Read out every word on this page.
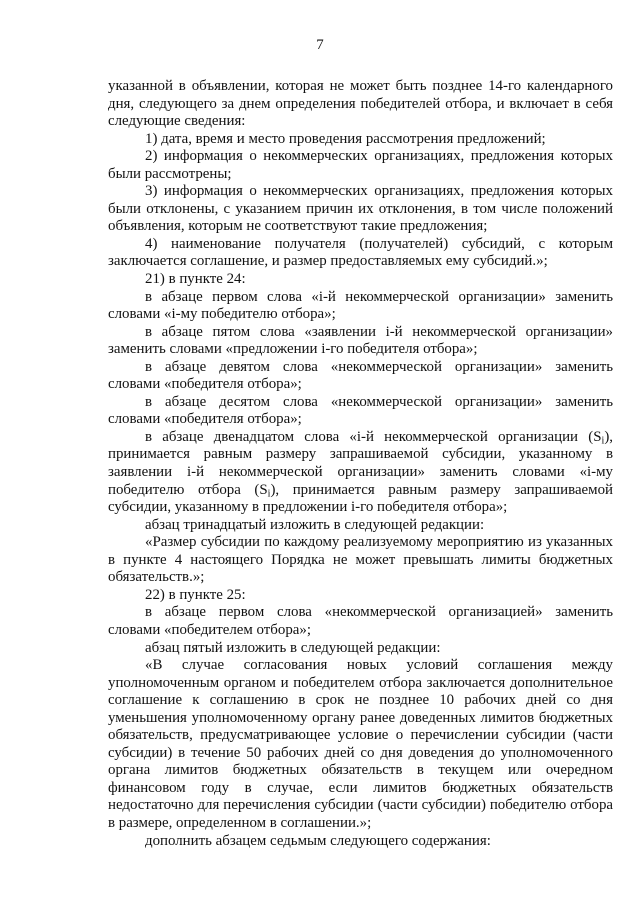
7

указанной в объявлении, которая не может быть позднее 14-го календарного дня, следующего за днем определения победителей отбора, и включает в себя следующие сведения:

1) дата, время и место проведения рассмотрения предложений;

2) информация о некоммерческих организациях, предложения которых были рассмотрены;

3) информация о некоммерческих организациях, предложения которых были отклонены, с указанием причин их отклонения, в том числе положений объявления, которым не соответствуют такие предложения;

4) наименование получателя (получателей) субсидий, с которым заключается соглашение, и размер предоставляемых ему субсидий.»;

21) в пункте 24:

в абзаце первом слова «i-й некоммерческой организации» заменить словами «i-му победителю отбора»;

в абзаце пятом слова «заявлении i-й некоммерческой организации» заменить словами «предложении i-го победителя отбора»;

в абзаце девятом слова «некоммерческой организации» заменить словами «победителя отбора»;

в абзаце десятом слова «некоммерческой организации» заменить словами «победителя отбора»;

в абзаце двенадцатом слова «i-й некоммерческой организации $(S_i)$, принимается равным размеру запрашиваемой субсидии, указанному в заявлении i-й некоммерческой организации» заменить словами «i-му победителю отбора $(S_i)$, принимается равным размеру запрашиваемой субсидии, указанному в предложении i-го победителя отбора»;

абзац тринадцатый изложить в следующей редакции:

«Размер субсидии по каждому реализуемому мероприятию из указанных в пункте 4 настоящего Порядка не может превышать лимиты бюджетных обязательств.»;

22) в пункте 25:

в абзаце первом слова «некоммерческой организацией» заменить словами «победителем отбора»;

абзац пятый изложить в следующей редакции:

«В случае согласования новых условий соглашения между уполномоченным органом и победителем отбора заключается дополнительное соглашение к соглашению в срок не позднее 10 рабочих дней со дня уменьшения уполномоченному органу ранее доведенных лимитов бюджетных обязательств, предусматривающее условие о перечислении субсидии (части субсидии) в течение 50 рабочих дней со дня доведения до уполномоченного органа лимитов бюджетных обязательств в текущем или очередном финансовом году в случае, если лимитов бюджетных обязательств недостаточно для перечисления субсидии (части субсидии) победителю отбора в размере, определенном в соглашении.»;

дополнить абзацем седьмым следующего содержания:
